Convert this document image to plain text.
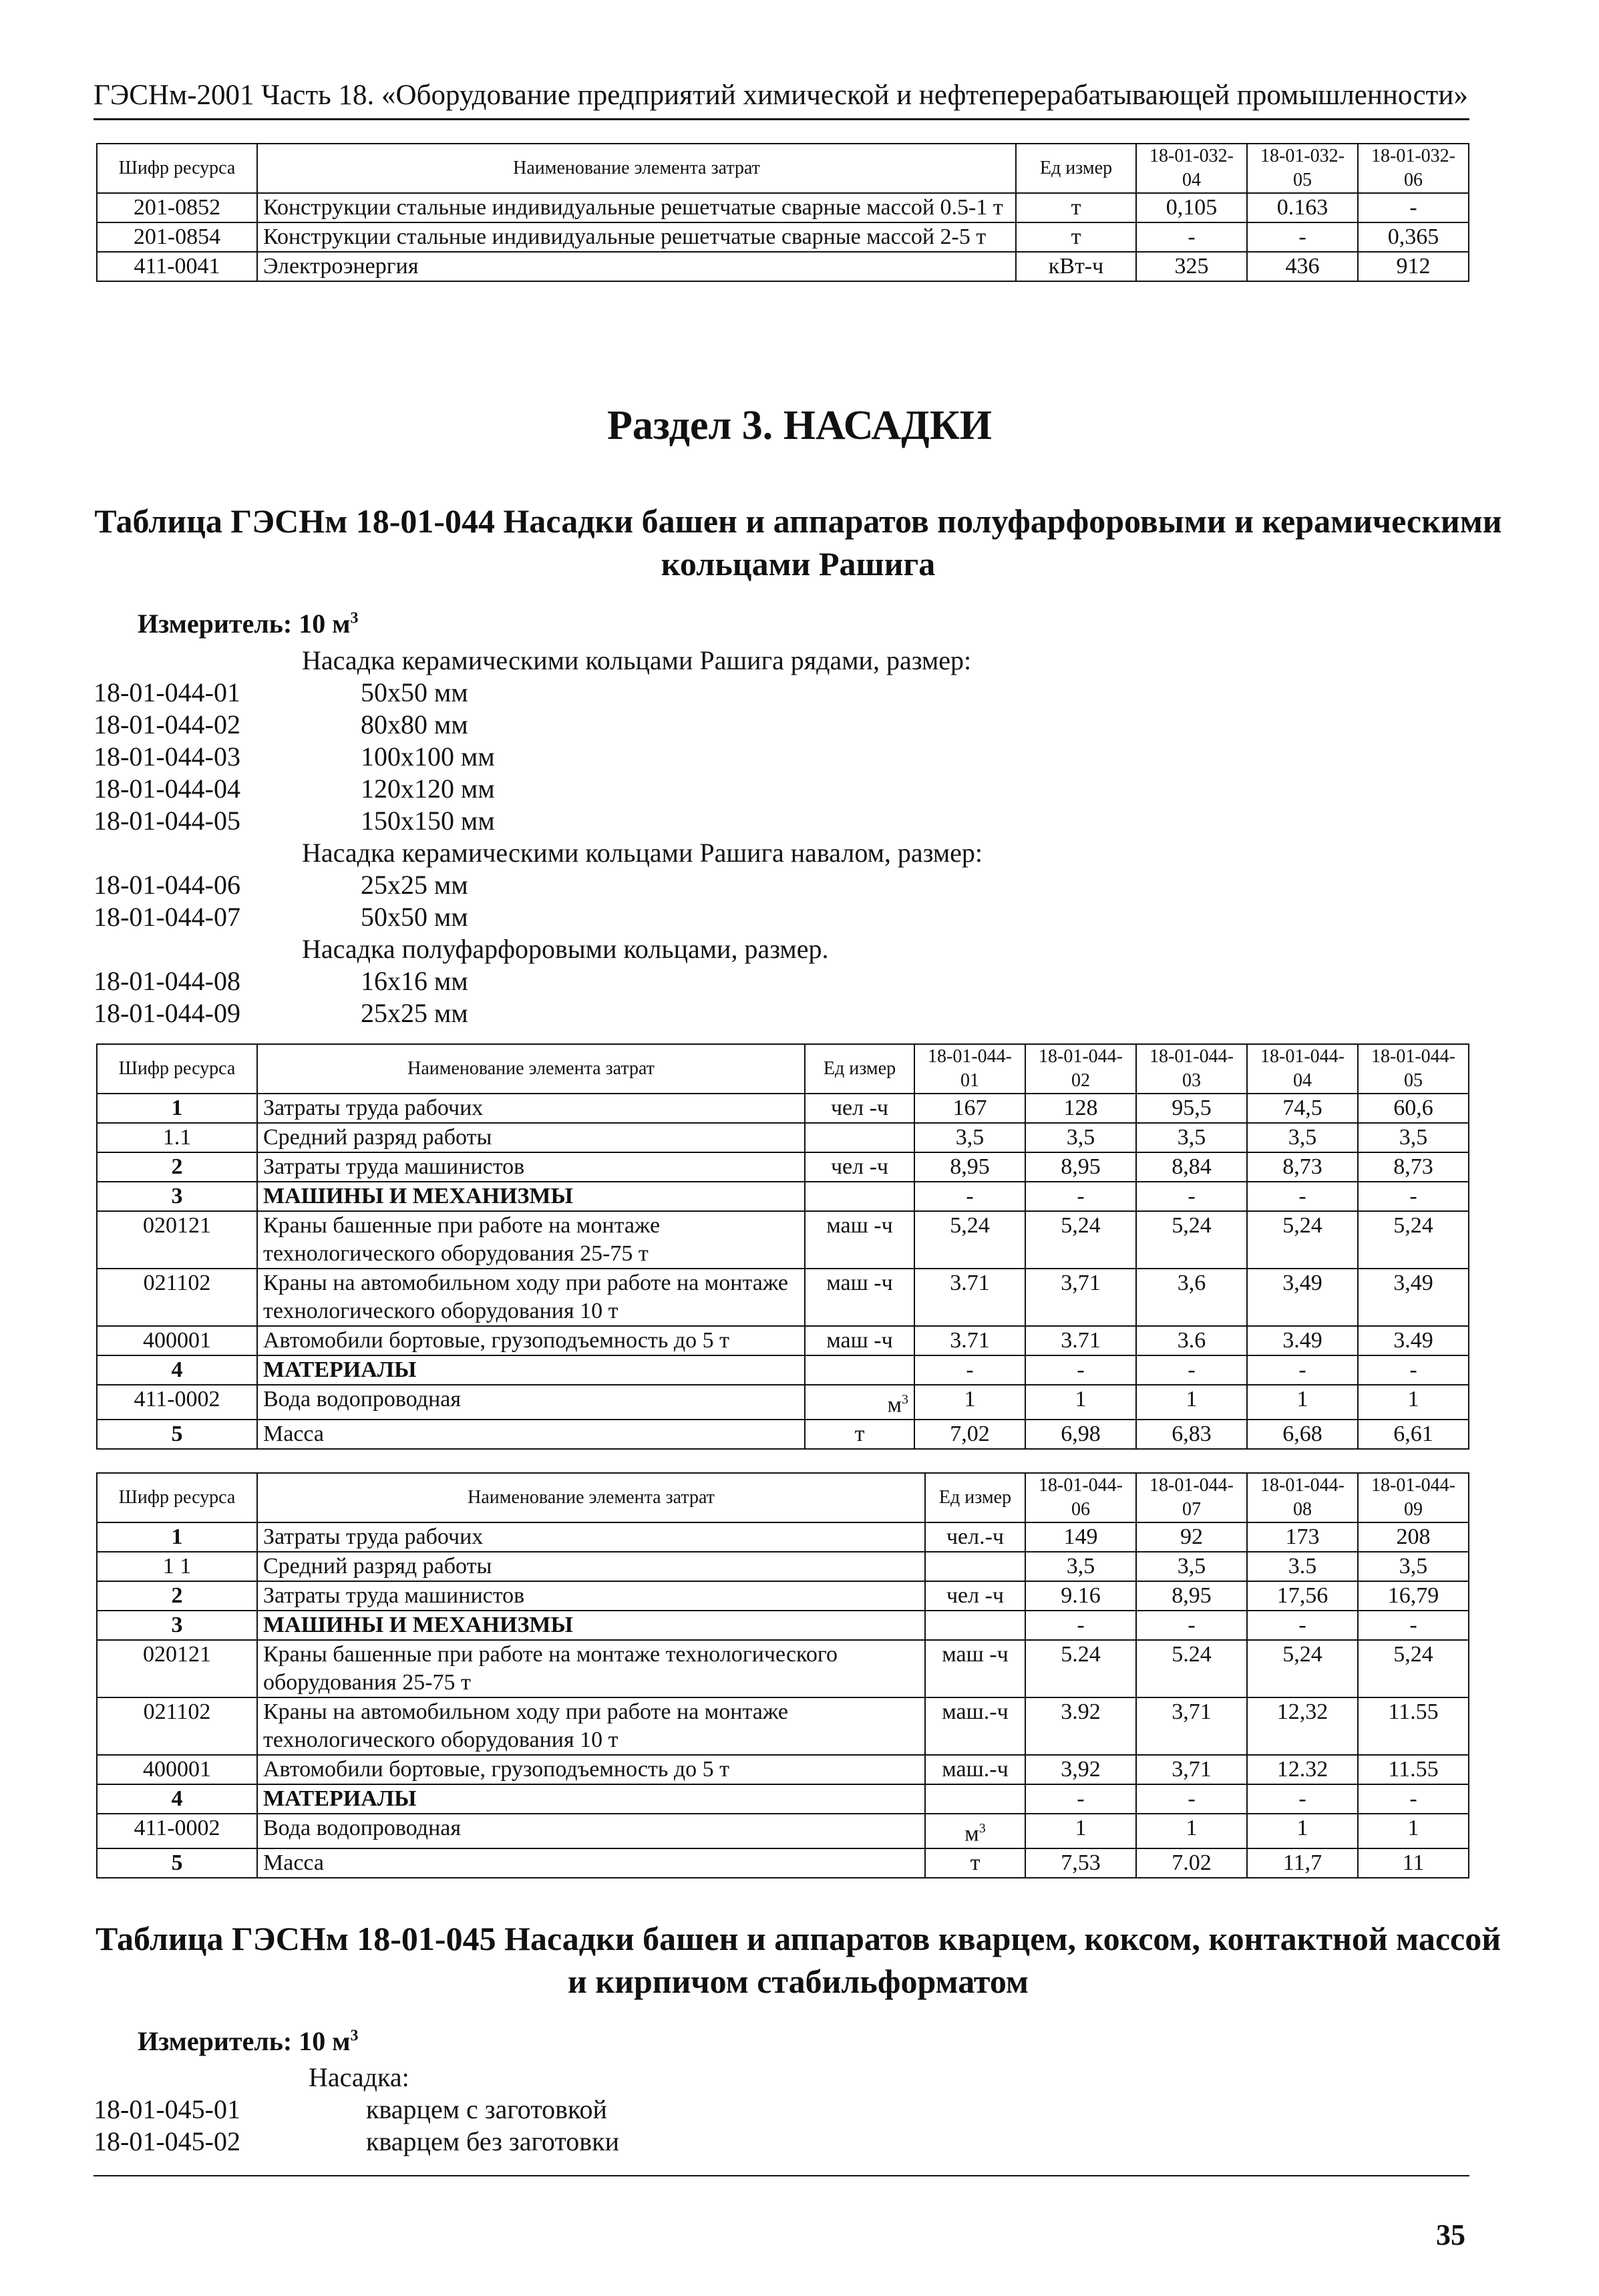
ГЭСНм-2001 Часть 18. «Оборудование предприятий химической и нефтеперерабатывающей промышленности»
Шифр ресурса	Наименование элемента затрат	Ед измер	18-01-032-04	18-01-032-05	18-01-032-06
201-0852	Конструкции стальные индивидуальные решетчатые сварные массой 0.5-1 т	т	0,105	0.163	-
201-0854	Конструкции стальные индивидуальные решетчатые сварные массой 2-5 т	т	-	-	0,365
411-0041	Электроэнергия	кВт-ч	325	436	912
Раздел 3. НАСАДКИ

Таблица ГЭСНм 18-01-044 Насадки башен и аппаратов полуфарфоровыми и керамическими кольцами Рашига

Измеритель: 10 $м^3$
Насадка керамическими кольцами Рашига рядами, размер:
18-01-044-01	50х50 мм
18-01-044-02	80х80 мм
18-01-044-03	100х100 мм
18-01-044-04	120х120 мм
18-01-044-05	150х150 мм
Насадка керамическими кольцами Рашига навалом, размер:
18-01-044-06	25х25 мм
18-01-044-07	50х50 мм
Насадка полуфарфоровыми кольцами, размер.
18-01-044-08	16х16 мм
18-01-044-09	25х25 мм
Шифр ресурса	Наименование элемента затрат	Ед измер	18-01-044-01	18-01-044-02	18-01-044-03	18-01-044-04	18-01-044-05
1	Затраты труда рабочих	чел -ч	167	128	95,5	74,5	60,6
1.1	Средний разряд работы		3,5	3,5	3,5	3,5	3,5
2	Затраты труда машинистов	чел -ч	8,95	8,95	8,84	8,73	8,73
3	МАШИНЫ И МЕХАНИЗМЫ		-	-	-	-	-
020121	Краны башенные при работе на монтаже технологического оборудования 25-75 т	маш -ч	5,24	5,24	5,24	5,24	5,24
021102	Краны на автомобильном ходу при работе на монтаже технологического оборудования 10 т	маш -ч	3.71	3,71	3,6	3,49	3,49
400001	Автомобили бортовые, грузоподъемность до 5 т	маш -ч	3.71	3.71	3.6	3.49	3.49
4	МАТЕРИАЛЫ		-	-	-	-	-
411-0002	Вода водопроводная	$м^3$	1	1	1	1	1
5	Масса	т	7,02	6,98	6,83	6,68	6,61
Шифр ресурса	Наименование элемента затрат	Ед измер	18-01-044-06	18-01-044-07	18-01-044-08	18-01-044-09
1	Затраты труда рабочих	чел.-ч	149	92	173	208
1 1	Средний разряд работы		3,5	3,5	3.5	3,5
2	Затраты труда машинистов	чел -ч	9.16	8,95	17,56	16,79
3	МАШИНЫ И МЕХАНИЗМЫ		-	-	-	-
020121	Краны башенные при работе на монтаже технологического оборудования 25-75 т	маш -ч	5.24	5.24	5,24	5,24
021102	Краны на автомобильном ходу при работе на монтаже технологического оборудования 10 т	маш.-ч	3.92	3,71	12,32	11.55
400001	Автомобили бортовые, грузоподъемность до 5 т	маш.-ч	3,92	3,71	12.32	11.55
4	МАТЕРИАЛЫ		-	-	-	-
411-0002	Вода водопроводная	$м^3$	1	1	1	1
5	Масса	т	7,53	7.02	11,7	11

Таблица ГЭСНм 18-01-045 Насадки башен и аппаратов кварцем, коксом, контактной массой и кирпичом стабильформатом

Измеритель: 10 $м^3$
Насадка:
18-01-045-01	кварцем с заготовкой
18-01-045-02	кварцем без заготовки
35
